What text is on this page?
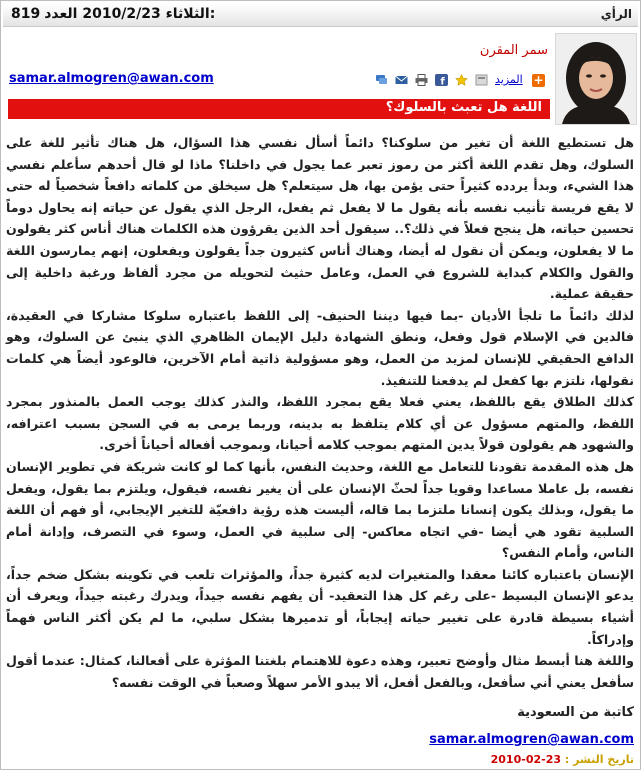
الرأي
819 الثلاثاء 2010/2/23 العدد:
سمر المقرن
samar.almogren@awan.com	f	المزيد +
اللغة هل تعبث بالسلوك؟

هل تستطيع اللغة أن تغير من سلوكنا؟ دائماً أسأل نفسي هذا السؤال، هل هناك تأثير للغة على السلوك، وهل تقدم اللغة أكثر من رموز تعبر عما يجول في داخلنا؟ ماذا لو قال أحدهم سأعلم نفسي هذا الشيء، وبدأ يردده كثيراً حتى يؤمن بها، هل سيتعلم؟ هل سيخلق من كلماته دافعاً شخصياً له حتى لا يقع فريسة تأنيب نفسه بأنه يقول ما لا يفعل ثم يفعل، الرجل الذي يقول عن حياته إنه يحاول دوماً تحسين حياته، هل ينجح فعلاً في ذلك؟.. سيقول أحد الذين يقرؤون هذه الكلمات هناك أناس كثر يقولون ما لا يفعلون، ويمكن أن نقول له أيضا، وهناك أناس كثيرون جداً يقولون ويفعلون، إنهم يمارسون اللغة والقول والكلام كبداية للشروع في العمل، وعامل حثيث لتحويله من مجرد ألفاظ ورغبة داخلية إلى حقيقة عملية.

لذلك دائماً ما تلجأ الأديان -بما فيها ديننا الحنيف- إلى اللفظ باعتباره سلوكا مشاركا في العقيدة، فالدين في الإسلام قول وفعل، ونطق الشهادة دليل الإيمان الظاهري الذي ينبئ عن السلوك، وهو الدافع الحقيقي للإنسان لمزيد من العمل، وهو مسؤولية ذاتية أمام الآخرين، فالوعود أيضاً هي كلمات نقولها، نلتزم بها كفعل لم يدفعنا للتنفيذ.

كذلك الطلاق يقع باللفظ، يعني فعلا يقع بمجرد اللفظ، والنذر كذلك يوجب العمل بالمنذور بمجرد اللفظ، والمتهم مسؤول عن أي كلام يتلفظ به بدينه، وربما يرمى به في السجن بسبب اعترافه، والشهود هم يقولون قولاً يدين المتهم بموجب كلامه أحيانا، وبموجب أفعاله أحياناً أخرى.

هل هذه المقدمة تقودنا للتعامل مع اللغة، وحديث النفس، بأنها كما لو كانت شريكة في تطوير الإنسان نفسه، بل عاملا مساعدا وقويا جداً لحثّ الإنسان على أن يغير نفسه، فيقول، ويلتزم بما يقول، ويفعل ما يقول، وبذلك يكون إنسانا ملتزما بما قاله، أليست هذه رؤية دافعيّة للتغير الإيجابي، أو فهم أن اللغة السلبية تقود هي أيضا -في اتجاه معاكس- إلى سلبية في العمل، وسوء في التصرف، وإدانة أمام الناس، وأمام النفس؟

الإنسان باعتباره كائنا معقدا والمتغيرات لديه كثيرة جداً، والمؤثرات تلعب في تكوينه بشكل ضخم جداً، يدعو الإنسان البسيط -على رغم كل هذا التعقيد- أن يفهم نفسه جيداً، ويدرك رغبته جيداً، ويعرف أن أشياء بسيطة قادرة على تغيير حياته إيجاباً، أو تدميرها بشكل سلبي، ما لم يكن أكثر الناس فهماً وإدراكاً.

واللغة هنا أبسط مثال وأوضح تعبير، وهذه دعوة للاهتمام بلغتنا المؤثرة على أفعالنا، كمثال: عندما أقول سأفعل يعني أني سأفعل، وبالفعل أفعل، ألا يبدو الأمر سهلاً وصعباً في الوقت نفسه؟

كاتبة من السعودية
samar.almogren@awan.com
تاريخ النشر : 23-02-2010
